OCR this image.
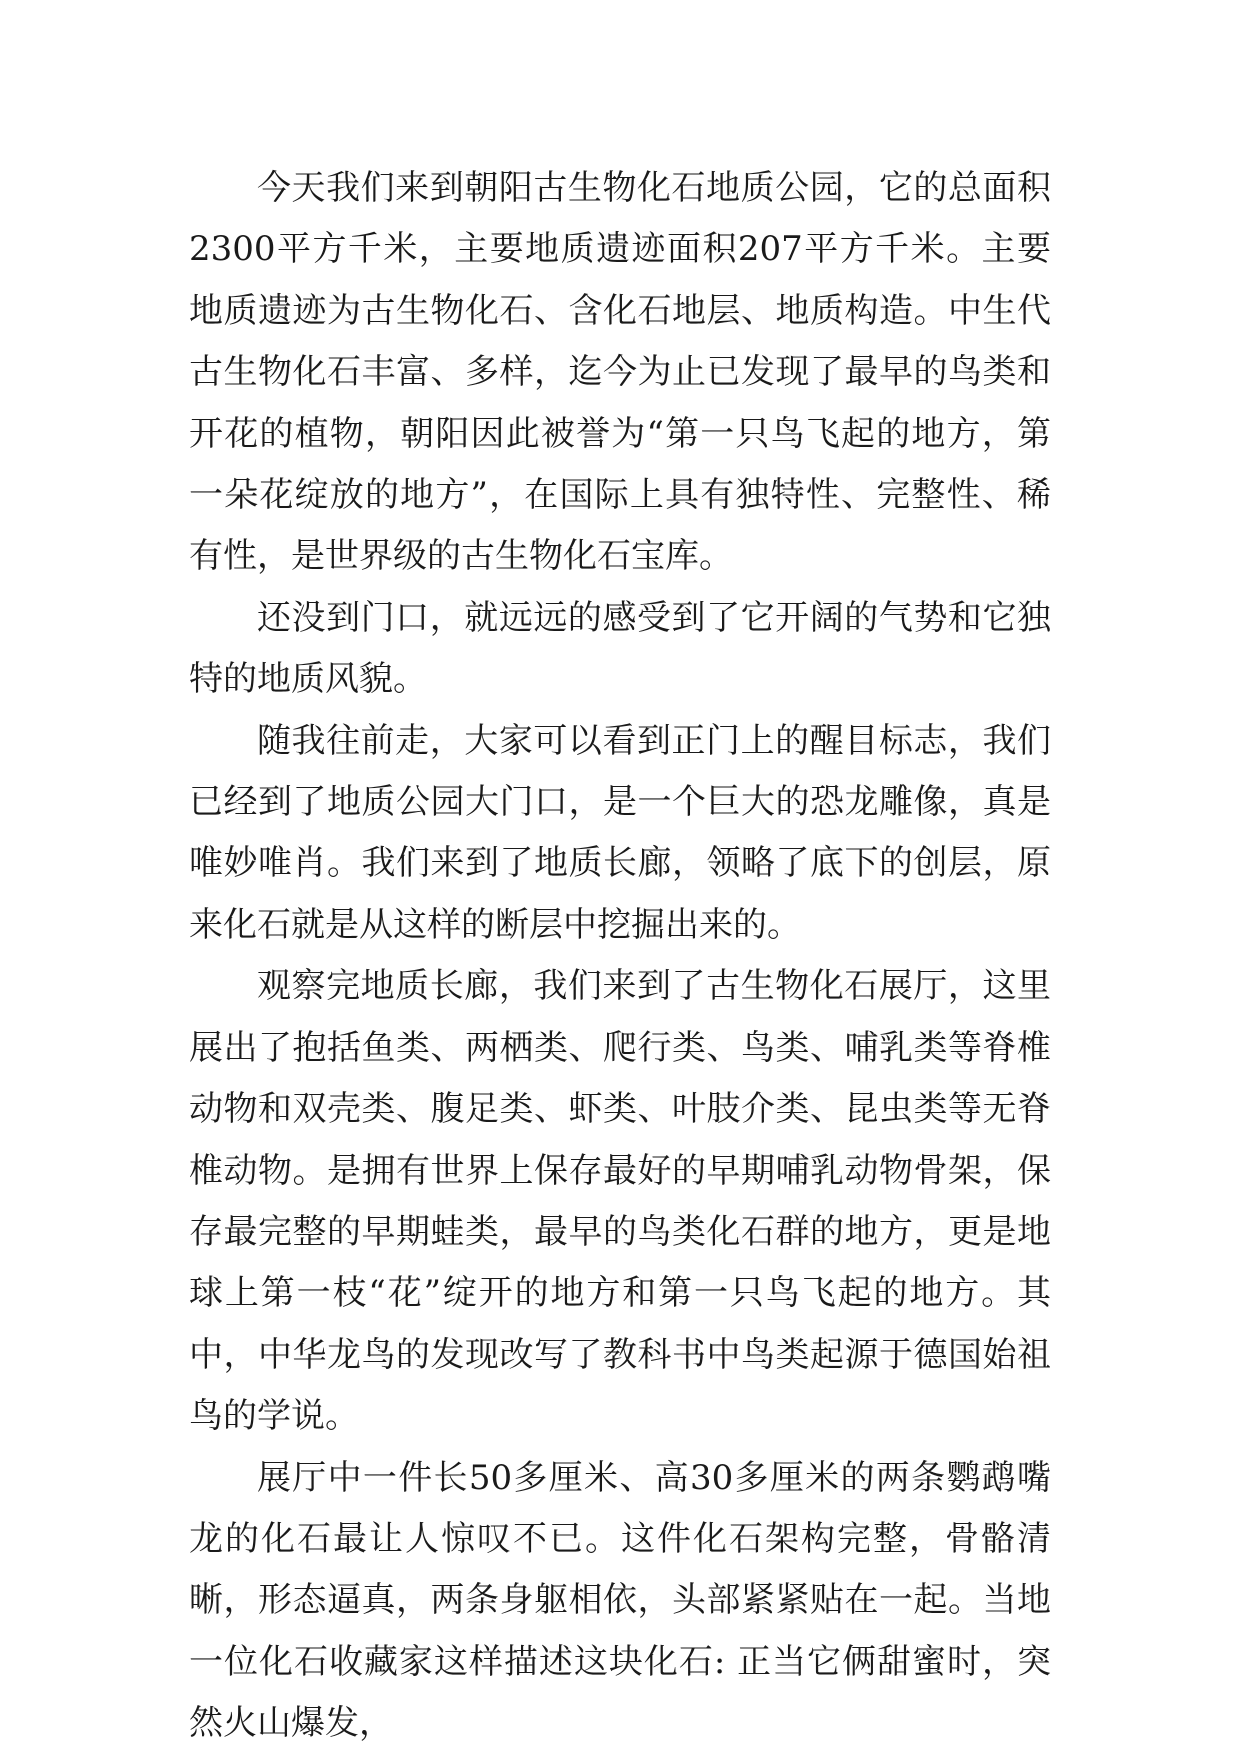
今天我们来到朝阳古生物化石地质公园，它的总面积2300平方千米，主要地质遗迹面积207平方千米。主要地质遗迹为古生物化石、含化石地层、地质构造。中生代古生物化石丰富、多样，迄今为止已发现了最早的鸟类和开花的植物，朝阳因此被誉为“第一只鸟飞起的地方，第一朵花绽放的地方”，在国际上具有独特性、完整性、稀有性，是世界级的古生物化石宝库。

还没到门口，就远远的感受到了它开阔的气势和它独特的地质风貌。

随我往前走，大家可以看到正门上的醒目标志，我们已经到了地质公园大门口，是一个巨大的恐龙雕像，真是唯妙唯肖。我们来到了地质长廊，领略了底下的创层，原来化石就是从这样的断层中挖掘出来的。

观察完地质长廊，我们来到了古生物化石展厅，这里展出了抱括鱼类、两栖类、爬行类、鸟类、哺乳类等脊椎动物和双壳类、腹足类、虾类、叶肢介类、昆虫类等无脊椎动物。是拥有世界上保存最好的早期哺乳动物骨架，保存最完整的早期蛙类，最早的鸟类化石群的地方，更是地球上第一枝“花”绽开的地方和第一只鸟飞起的地方。其中，中华龙鸟的发现改写了教科书中鸟类起源于德国始祖鸟的学说。

展厅中一件长50多厘米、高30多厘米的两条鹦鹉嘴龙的化石最让人惊叹不已。这件化石架构完整，骨骼清晰，形态逼真，两条身躯相依，头部紧紧贴在一起。当地一位化石收藏家这样描述这块化石: 正当它俩甜蜜时，突然火山爆发，
